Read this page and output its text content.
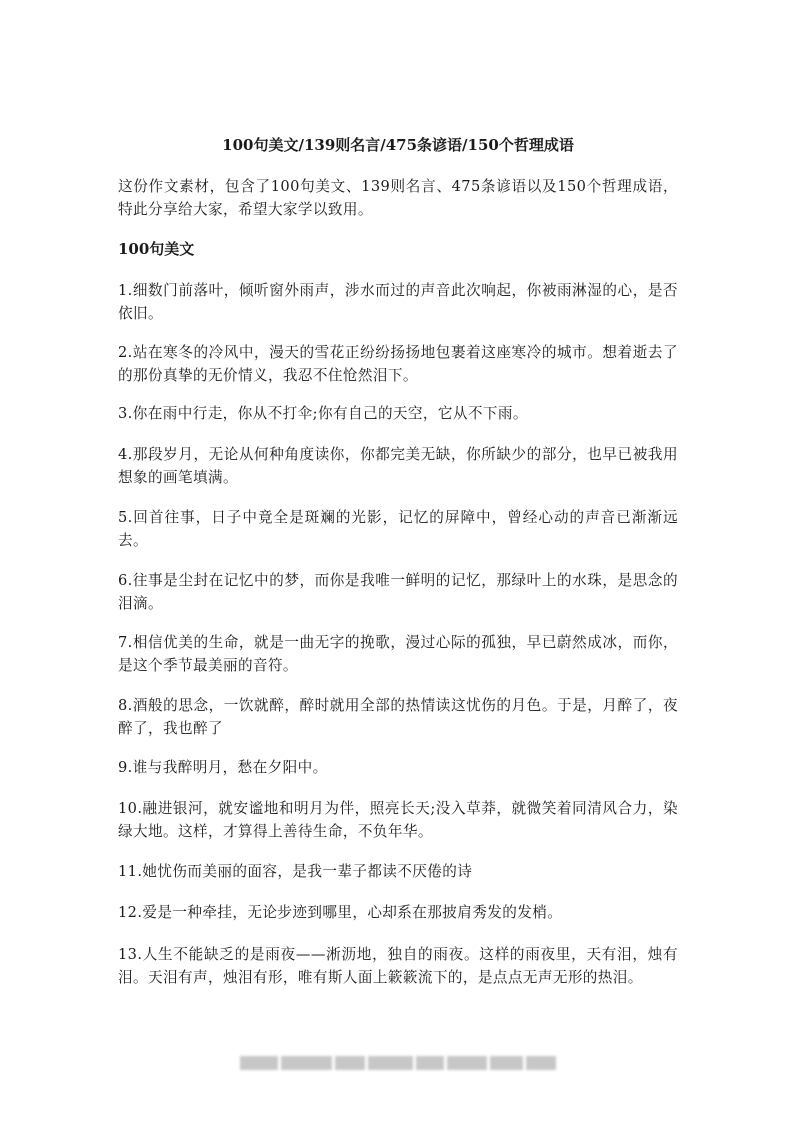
100句美文/139则名言/475条谚语/150个哲理成语

这份作文素材，包含了100句美文、139则名言、475条谚语以及150个哲理成语，特此分享给大家，希望大家学以致用。

100句美文

1.细数门前落叶，倾听窗外雨声，涉水而过的声音此次响起，你被雨淋湿的心，是否依旧。

2.站在寒冬的冷风中，漫天的雪花正纷纷扬扬地包裹着这座寒冷的城市。想着逝去了的那份真挚的无价情义，我忍不住怆然泪下。

3.你在雨中行走，你从不打伞;你有自己的天空，它从不下雨。

4.那段岁月，无论从何种角度读你，你都完美无缺，你所缺少的部分，也早已被我用想象的画笔填满。

5.回首往事，日子中竟全是斑斓的光影，记忆的屏障中，曾经心动的声音已渐渐远去。

6.往事是尘封在记忆中的梦，而你是我唯一鲜明的记忆，那绿叶上的水珠，是思念的泪滴。

7.相信优美的生命，就是一曲无字的挽歌，漫过心际的孤独，早已蔚然成冰，而你，是这个季节最美丽的音符。

8.酒般的思念，一饮就醉，醉时就用全部的热情读这忧伤的月色。于是，月醉了，夜醉了，我也醉了

9.谁与我醉明月，愁在夕阳中。

10.融进银河，就安谧地和明月为伴，照亮长天;没入草莽，就微笑着同清风合力，染绿大地。这样，才算得上善待生命，不负年华。

11.她忧伤而美丽的面容，是我一辈子都读不厌倦的诗

12.爱是一种牵挂，无论步迹到哪里，心却系在那披肩秀发的发梢。

13.人生不能缺乏的是雨夜——淅沥地，独自的雨夜。这样的雨夜里，天有泪，烛有泪。天泪有声，烛泪有形，唯有斯人面上簌簌流下的，是点点无声无形的热泪。
